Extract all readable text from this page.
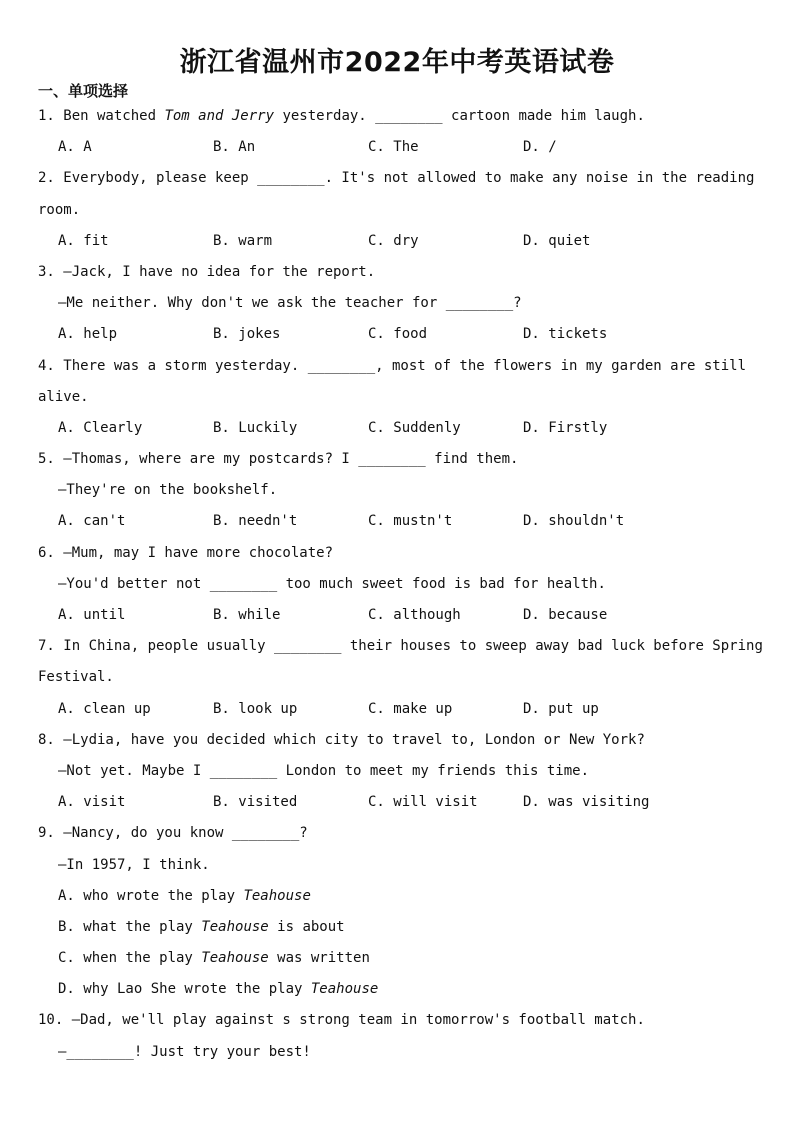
浙江省温州市2022年中考英语试卷
一、单项选择
1. Ben watched Tom and Jerry yesterday. ________ cartoon made him laugh.
A. A	B. An	C. The	D. /
2. Everybody, please keep ________. It's not allowed to make any noise in the reading
room.
A. fit	B. warm	C. dry	D. quiet
3. —Jack, I have no idea for the report.
—Me neither. Why don't we ask the teacher for ________?
A. help	B. jokes	C. food	D. tickets
4. There was a storm yesterday. ________, most of the flowers in my garden are still
alive.
A. Clearly	B. Luckily	C. Suddenly	D. Firstly
5. —Thomas, where are my postcards? I ________ find them.
—They're on the bookshelf.
A. can't	B. needn't	C. mustn't	D. shouldn't
6. —Mum, may I have more chocolate?
—You'd better not ________ too much sweet food is bad for health.
A. until	B. while	C. although	D. because
7. In China, people usually ________ their houses to sweep away bad luck before Spring
Festival.
A. clean up	B. look up	C. make up	D. put up
8. —Lydia, have you decided which city to travel to, London or New York?
—Not yet. Maybe I ________ London to meet my friends this time.
A. visit	B. visited	C. will visit	D. was visiting
9. —Nancy, do you know ________?
—In 1957, I think.
A. who wrote the play Teahouse
B. what the play Teahouse is about
C. when the play Teahouse was written
D. why Lao She wrote the play Teahouse
10. —Dad, we'll play against s strong team in tomorrow's football match.
—________! Just try your best!
